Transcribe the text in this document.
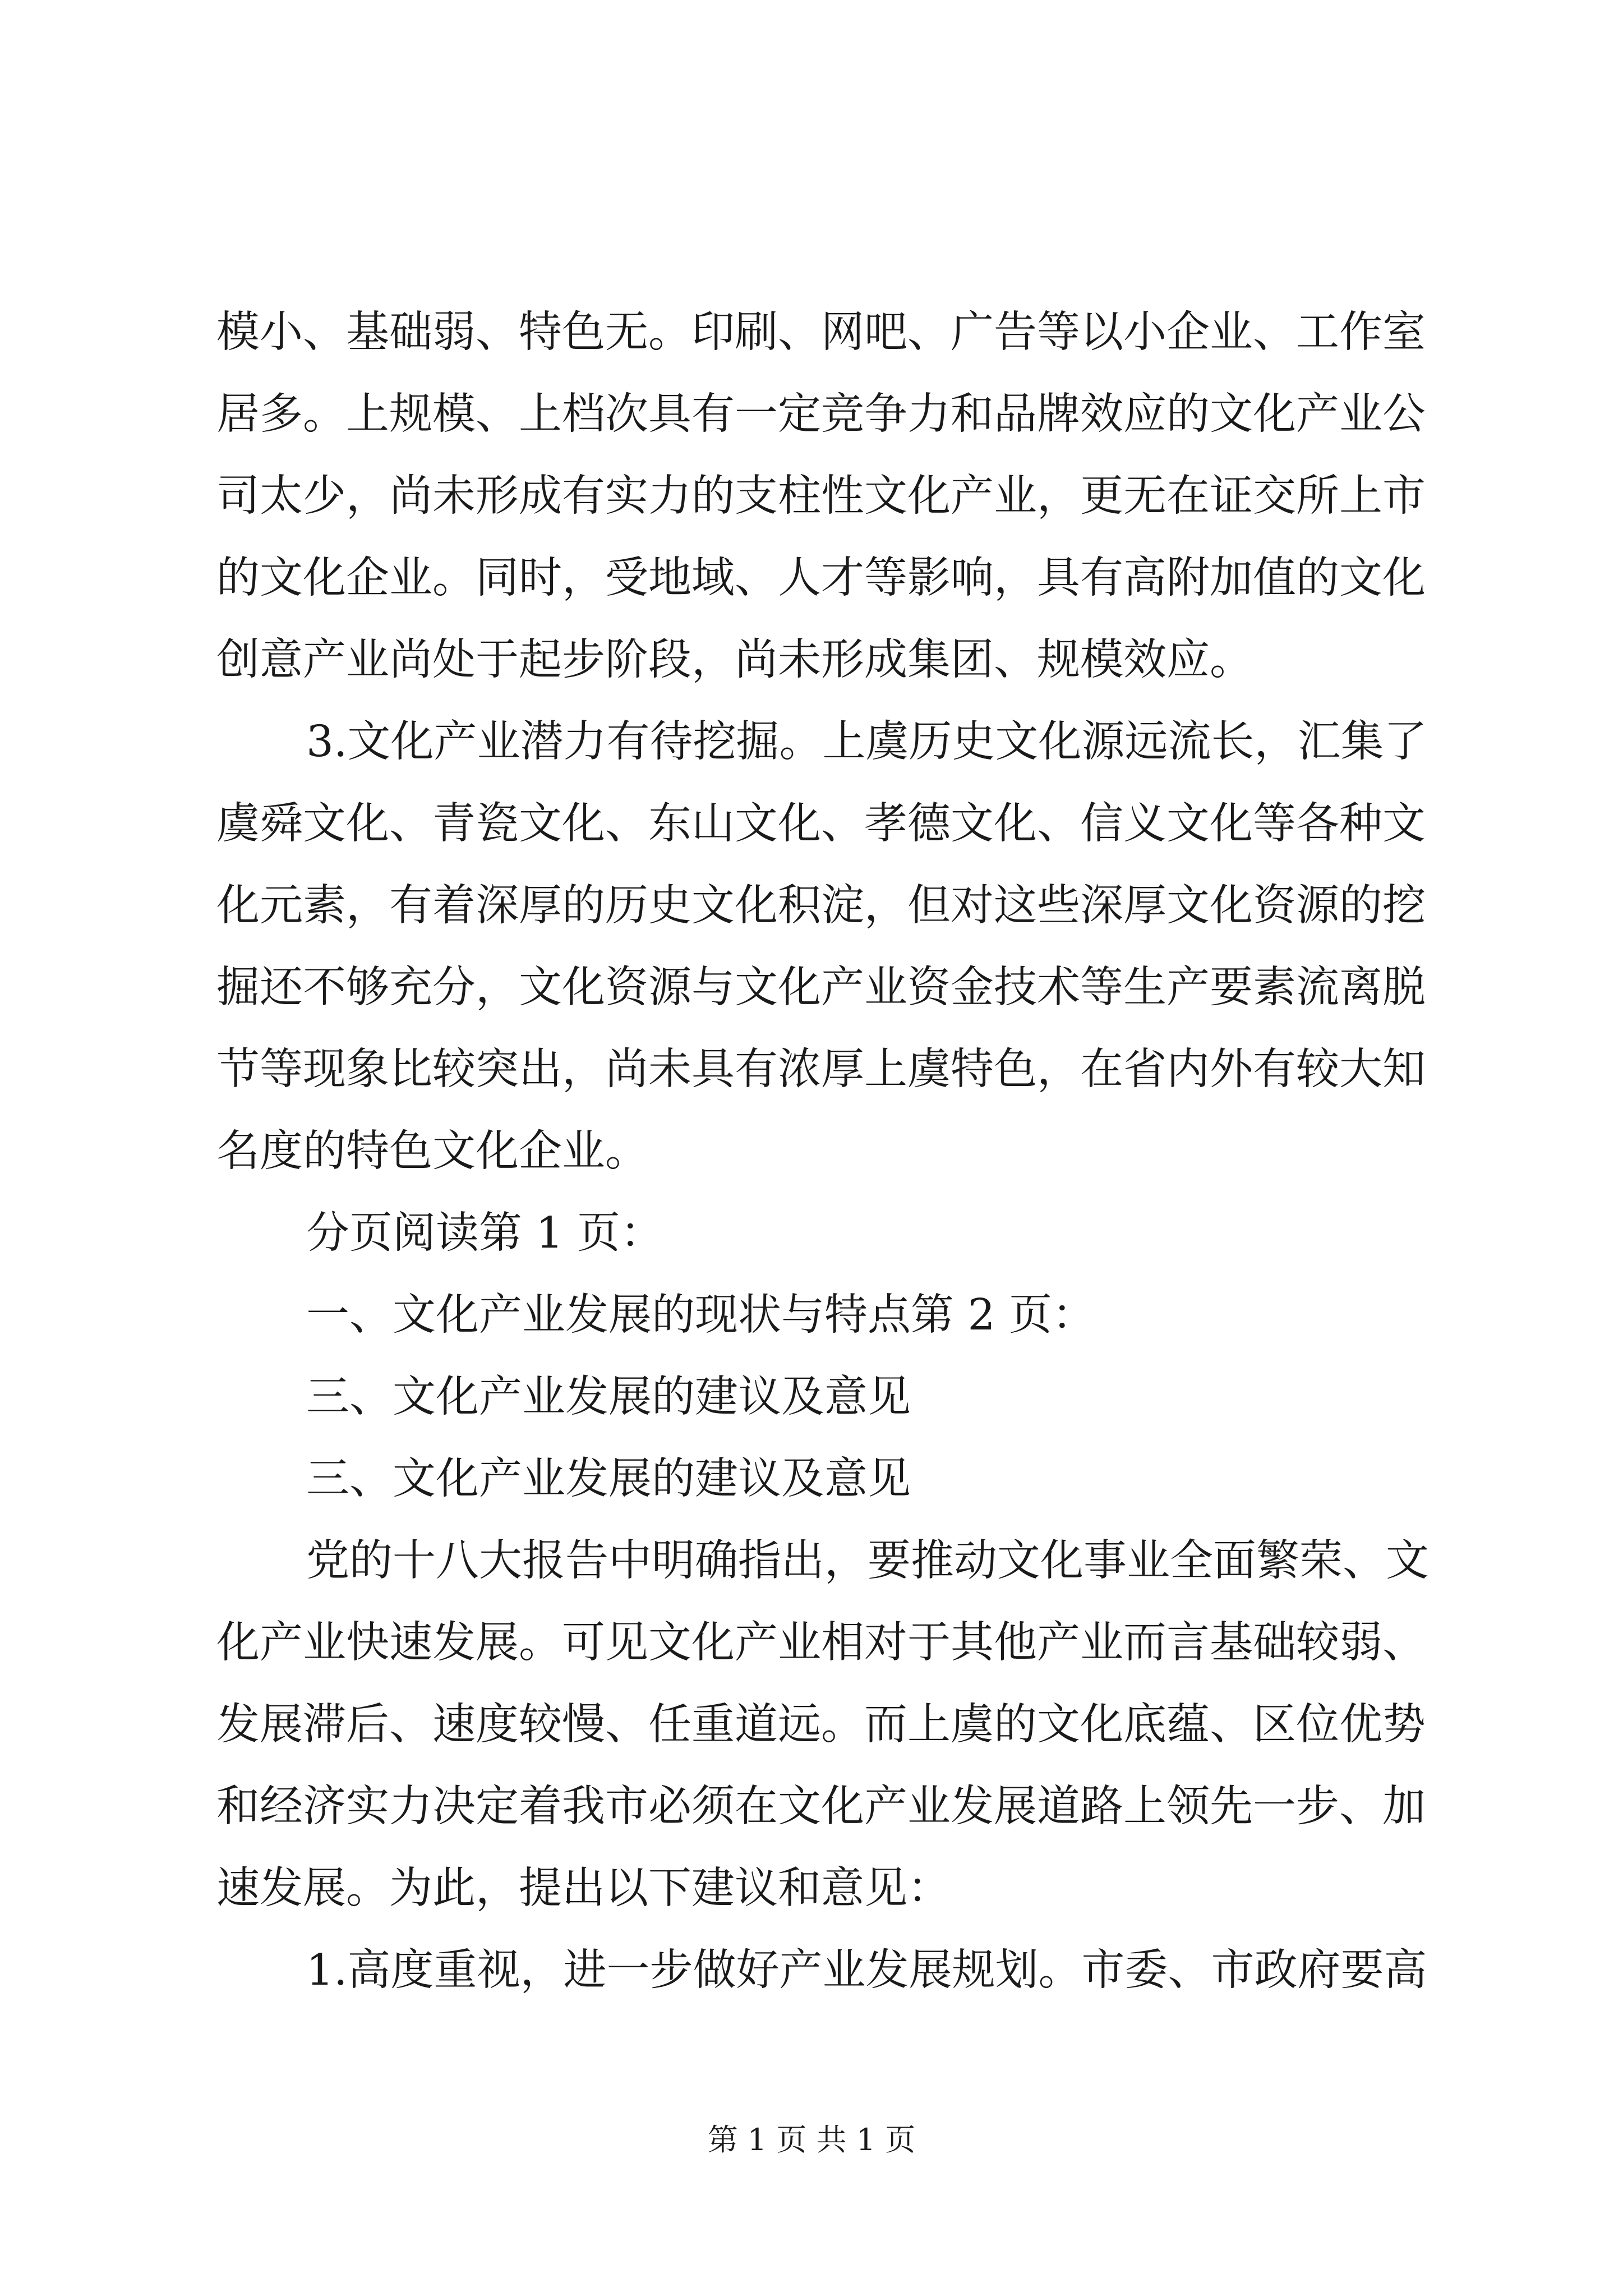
模小、基础弱、特色无。印刷、网吧、广告等以小企业、工作室
居多。上规模、上档次具有一定竞争力和品牌效应的文化产业公
司太少，尚未形成有实力的支柱性文化产业，更无在证交所上市
的文化企业。同时，受地域、人才等影响，具有高附加值的文化
创意产业尚处于起步阶段，尚未形成集团、规模效应。
3.文化产业潜力有待挖掘。上虞历史文化源远流长，汇集了
虞舜文化、青瓷文化、东山文化、孝德文化、信义文化等各种文
化元素，有着深厚的历史文化积淀，但对这些深厚文化资源的挖
掘还不够充分，文化资源与文化产业资金技术等生产要素流离脱
节等现象比较突出，尚未具有浓厚上虞特色，在省内外有较大知
名度的特色文化企业。
分页阅读第 1 页：
一、文化产业发展的现状与特点第 2 页：
三、文化产业发展的建议及意见
三、文化产业发展的建议及意见
党的十八大报告中明确指出，要推动文化事业全面繁荣、文
化产业快速发展。可见文化产业相对于其他产业而言基础较弱、
发展滞后、速度较慢、任重道远。而上虞的文化底蕴、区位优势
和经济实力决定着我市必须在文化产业发展道路上领先一步、加
速发展。为此，提出以下建议和意见：
1.高度重视，进一步做好产业发展规划。市委、市政府要高
第 1 页 共 1 页
